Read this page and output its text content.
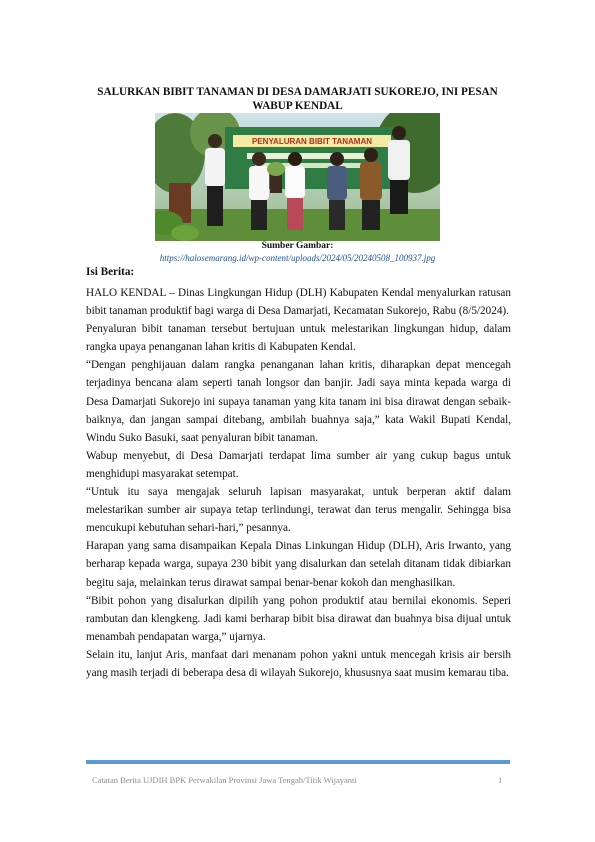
SALURKAN BIBIT TANAMAN DI DESA DAMARJATI SUKOREJO, INI PESAN WABUP KENDAL
PENYALURAN BIBIT TANAMAN
Sumber Gambar:
https://halosemarang.id/wp-content/uploads/2024/05/20240508_100937.jpg
Isi Berita:

HALO KENDAL – Dinas Lingkungan Hidup (DLH) Kabupaten Kendal menyalurkan ratusan bibit tanaman produktif bagi warga di Desa Damarjati, Kecamatan Sukorejo, Rabu (8/5/2024).

Penyaluran bibit tanaman tersebut bertujuan untuk melestarikan lingkungan hidup, dalam rangka upaya penanganan lahan kritis di Kabupaten Kendal.

“Dengan penghijauan dalam rangka penanganan lahan kritis, diharapkan depat mencegah terjadinya bencana alam seperti tanah longsor dan banjir. Jadi saya minta kepada warga di Desa Damarjati Sukorejo ini supaya tanaman yang kita tanam ini bisa dirawat dengan sebaik-baiknya, dan jangan sampai ditebang, ambilah buahnya saja,” kata Wakil Bupati Kendal, Windu Suko Basuki, saat penyaluran bibit tanaman.

Wabup menyebut, di Desa Damarjati terdapat lima sumber air yang cukup bagus untuk menghidupi masyarakat setempat.

“Untuk itu saya mengajak seluruh lapisan masyarakat, untuk berperan aktif dalam melestarikan sumber air supaya tetap terlindungi, terawat dan terus mengalir. Sehingga bisa mencukupi kebutuhan sehari-hari,” pesannya.

Harapan yang sama disampaikan Kepala Dinas Linkungan Hidup (DLH), Aris Irwanto, yang berharap kepada warga, supaya 230 bibit yang disalurkan dan setelah ditanam tidak dibiarkan begitu saja, melainkan terus dirawat sampai benar-benar kokoh dan menghasilkan.

“Bibit pohon yang disalurkan dipilih yang pohon produktif atau bernilai ekonomis. Seperi rambutan dan klengkeng. Jadi kami berharap bibit bisa dirawat dan buahnya bisa dijual untuk menambah pendapatan warga,” ujarnya.

Selain itu, lanjut Aris, manfaat dari menanam pohon yakni untuk mencegah krisis air bersih yang masih terjadi di beberapa desa di wilayah Sukorejo, khususnya saat musim kemarau tiba.

Catatan Berita UJDIH BPK Perwakilan Provinsi Jawa Tengah/Titik Wijayanti	1
